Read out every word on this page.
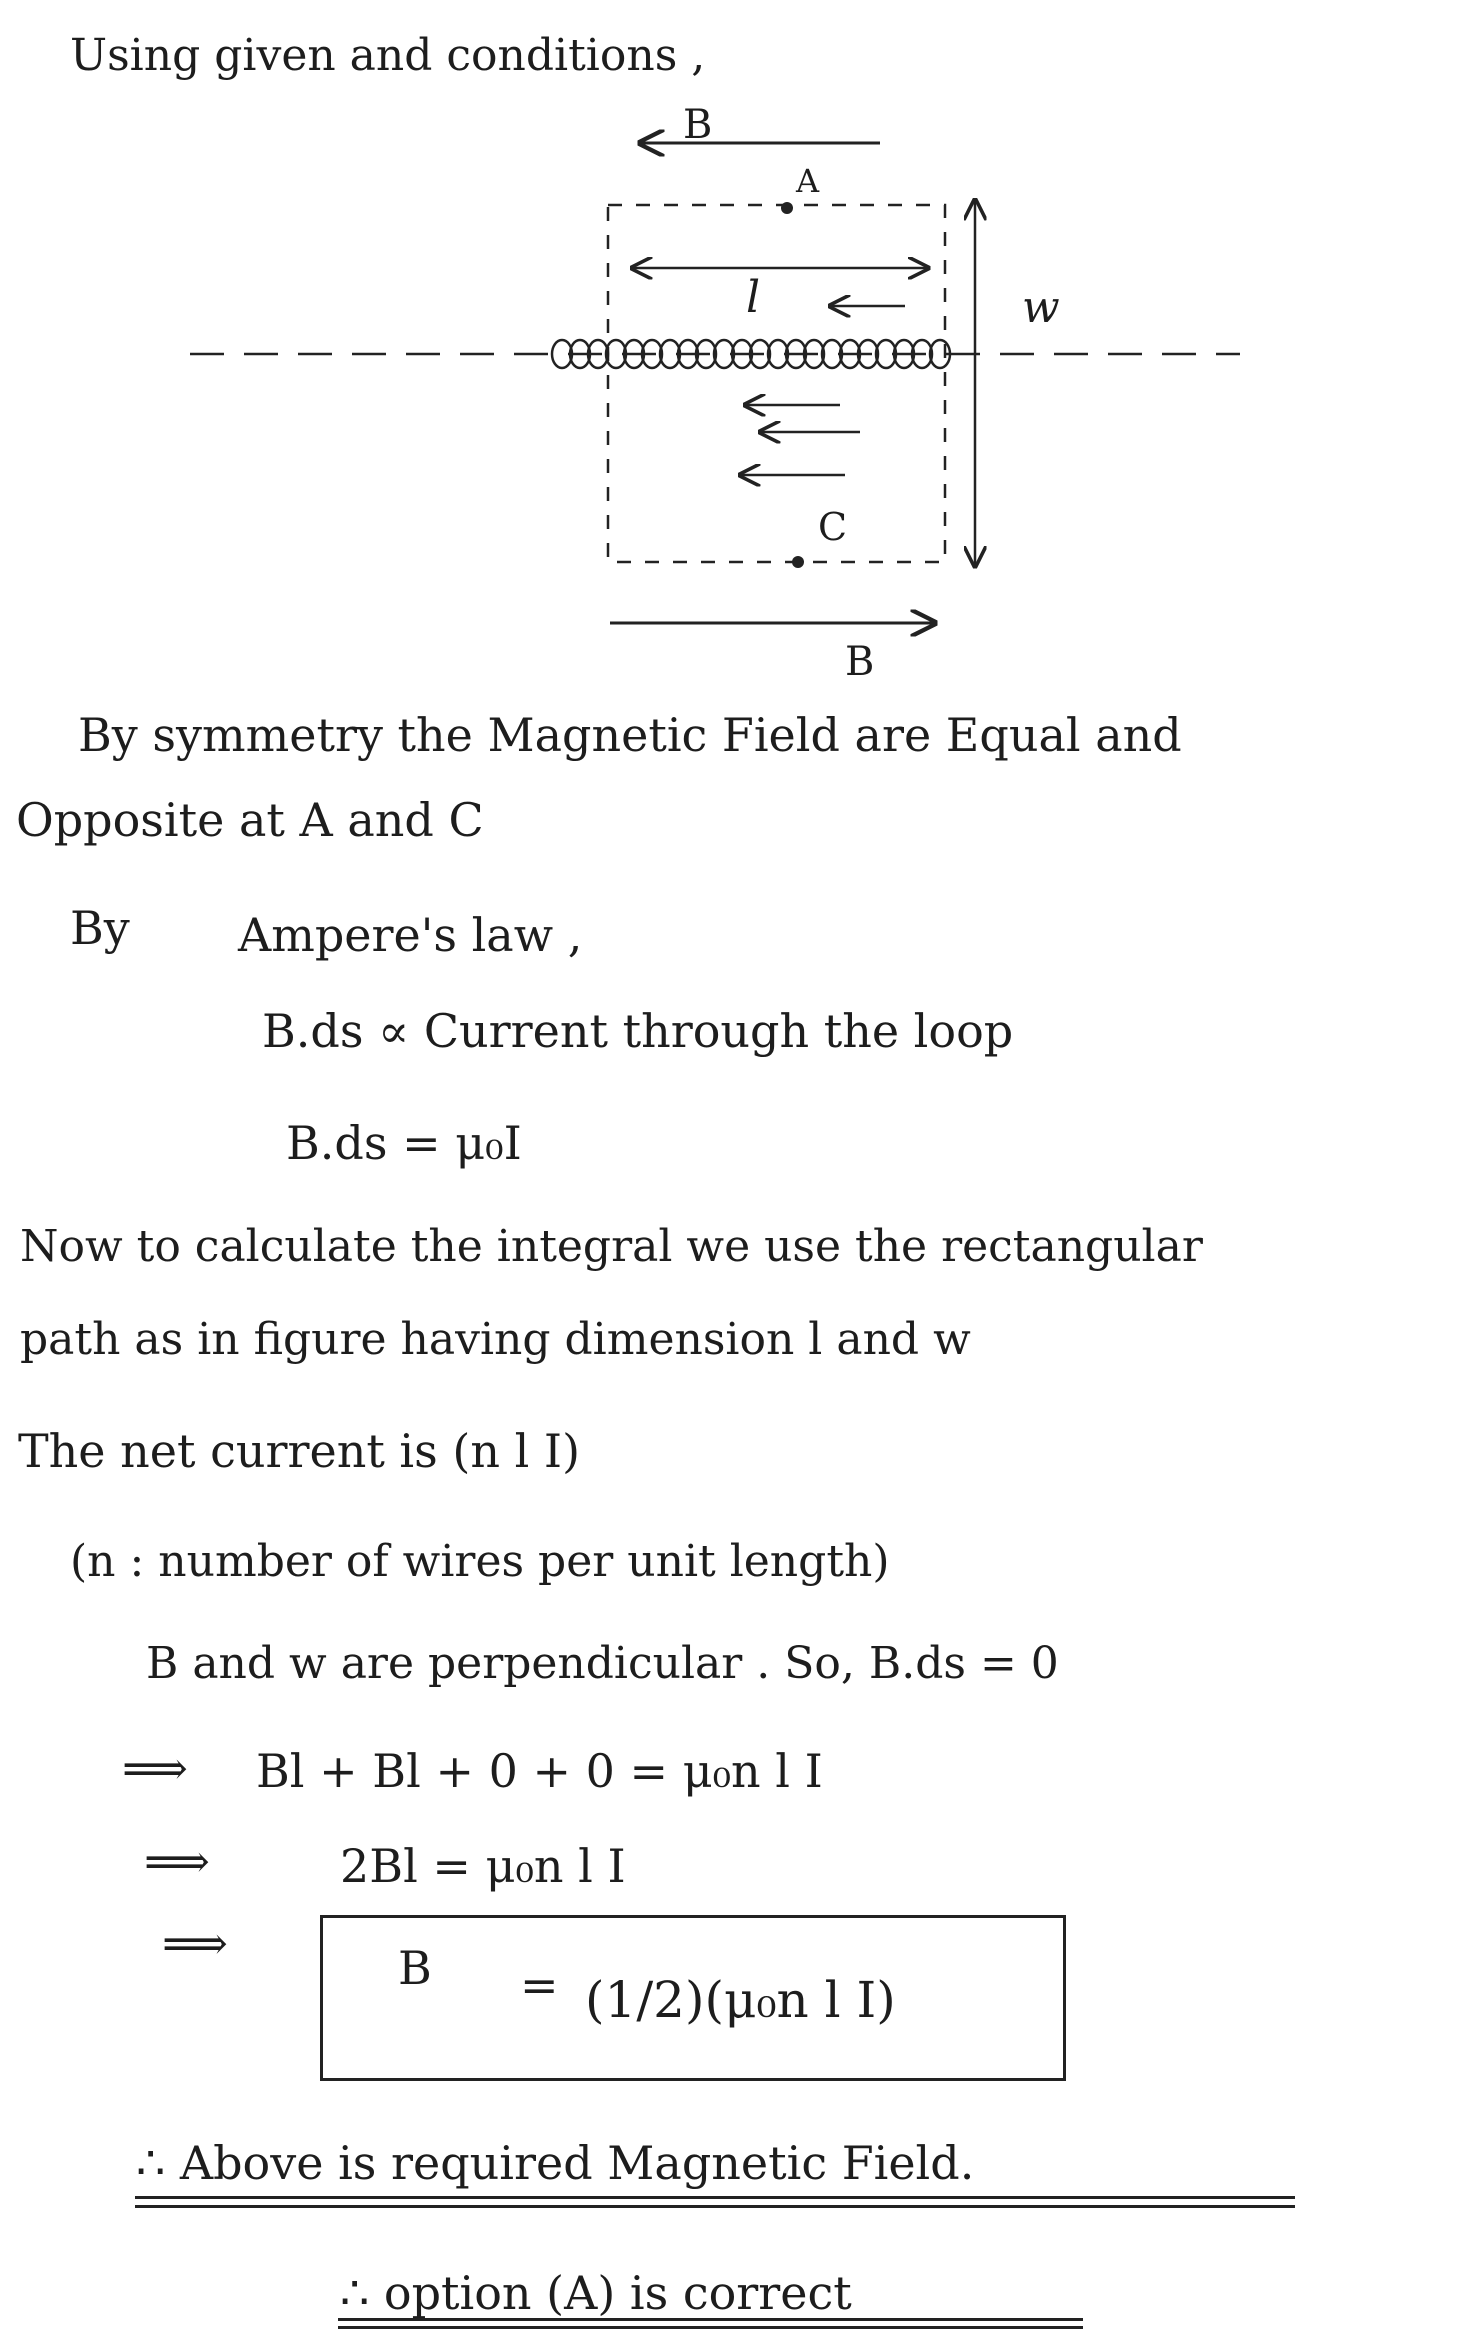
Using given and conditions ,
B
A
l	w
C
B
By symmetry the Magnetic Field are Equal and
Opposite at A and C
By Ampere's law ,
B.ds ∝ Current through the loop
B.ds = μ₀I
Now to calculate the integral we use the rectangular
path as in figure having dimension l and w
The net current is (n l I)
(n : number of wires per unit length)
B and w are perpendicular . So, B.ds = 0
⟹ Bl + Bl + 0 + 0 = μ₀n l I
⟹	2Bl = μ₀n l I
⟹	B = (1/2)(μ₀n l I)
∴ Above is required Magnetic Field.
∴ option (A) is correct
